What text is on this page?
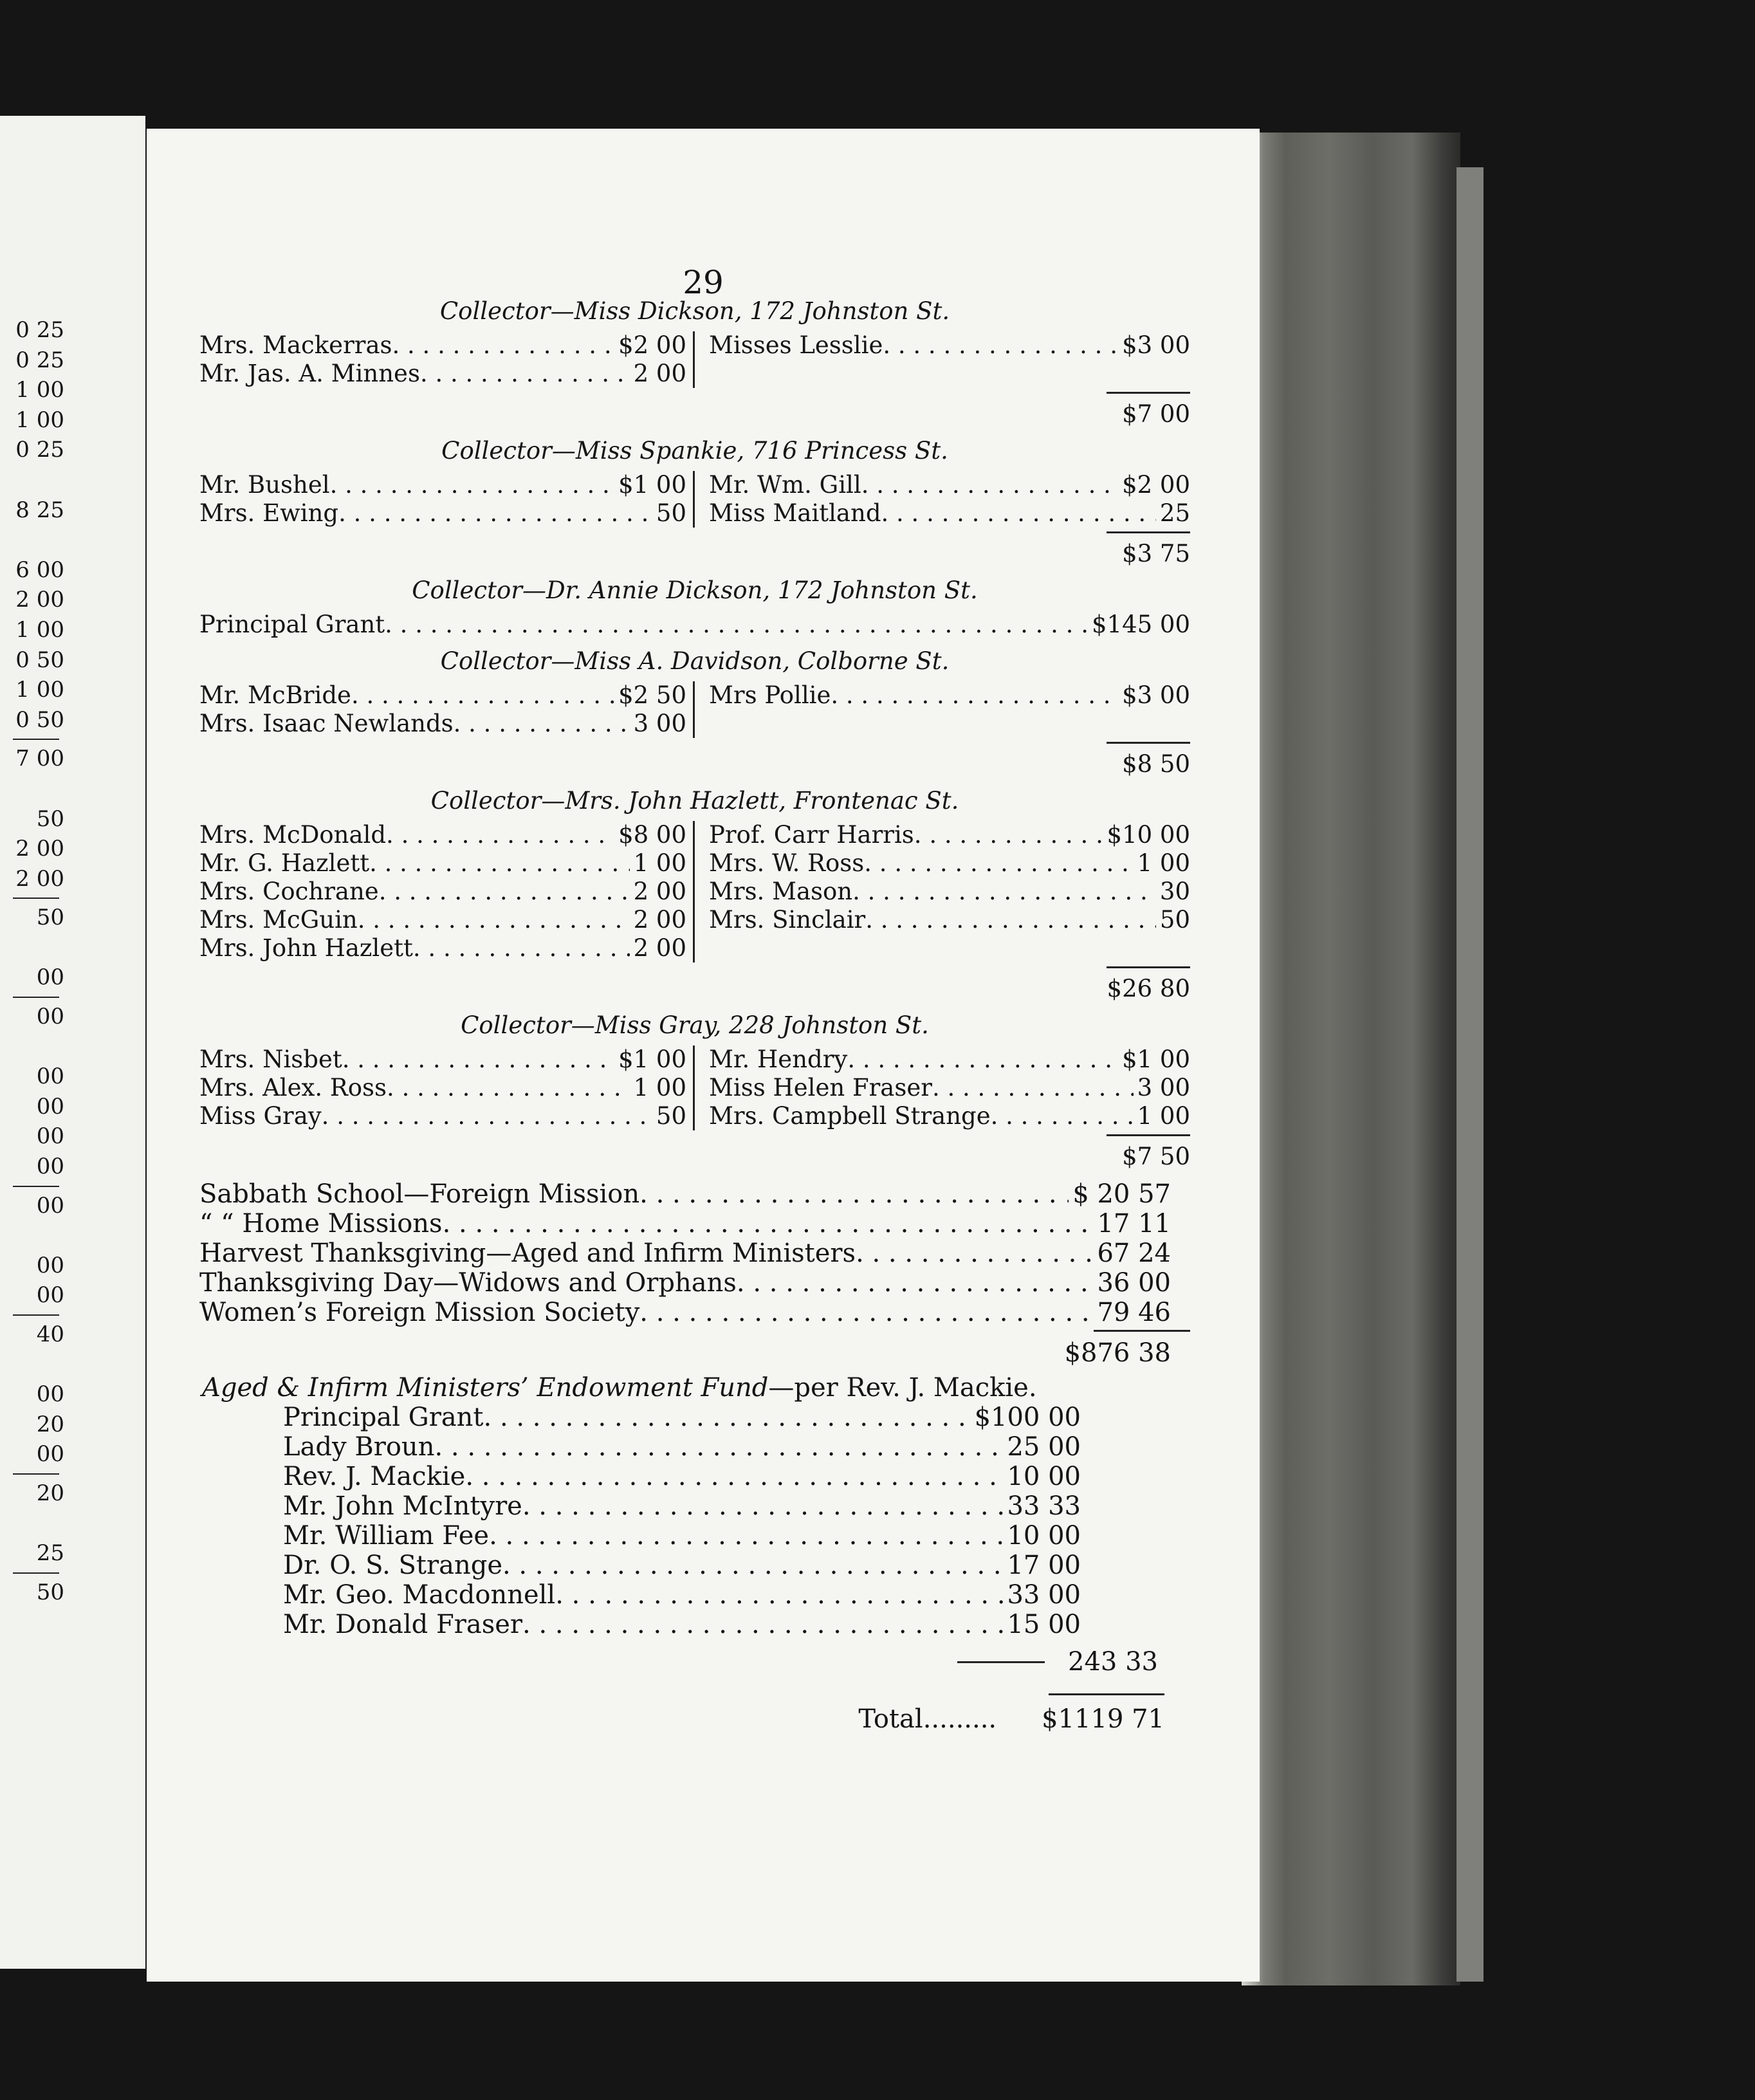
0 25
0 25
1 00
1 00
0 25
8 25
6 00
2 00
1 00
0 50
1 00
0 50
7 00
50
2 00
2 00
50
00
00
00
00
00
00
00
00
00
40
00
20
00
20
25
50
29
Collector—Miss Dickson, 172 Johnston St.
Mrs. Mackerras . . .	$2 00
Mr. Jas. A. Minnes . . .	2 00
Misses Lesslie . . .	$3 00
$7 00
Collector—Miss Spankie, 716 Princess St.
Mr. Bushel . . .	$1 00
Mrs. Ewing . . .	50
Mr. Wm. Gill . . .	$2 00
Miss Maitland . . .	25
$3 75
Collector—Dr. Annie Dickson, 172 Johnston St.
Principal Grant . . .	$145 00
Collector—Miss A. Davidson, Colborne St.
Mr. McBride . . .	$2 50
Mrs. Isaac Newlands . . .	3 00
Mrs Pollie . . .	$3 00
$8 50
Collector—Mrs. John Hazlett, Frontenac St.
Mrs. McDonald . . .	$8 00
Mr. G. Hazlett . . .	1 00
Mrs. Cochrane . . .	2 00
Mrs. McGuin . . .	2 00
Mrs. John Hazlett . . .	2 00
Prof. Carr Harris . . .	$10 00
Mrs. W. Ross . . .	1 00
Mrs. Mason . . .	30
Mrs. Sinclair . . .	50
$26 80
Collector—Miss Gray, 228 Johnston St.
Mrs. Nisbet . . .	$1 00
Mrs. Alex. Ross . . .	1 00
Miss Gray . . .	50
Mr. Hendry . . .	$1 00
Miss Helen Fraser . . .	3 00
Mrs. Campbell Strange . . .	1 00
$7 50
Sabbath School—Foreign Mission . . .	$ 20 57
“ “ Home Missions . . .	17 11
Harvest Thanksgiving—Aged and Infirm Ministers . . .	67 24
Thanksgiving Day—Widows and Orphans . . .	36 00
Women’s Foreign Mission Society . . .	79 46
$876 38
Aged & Infirm Ministers’ Endowment Fund—per Rev. J. Mackie.
Principal Grant . . .	$100 00
Lady Broun . . .	25 00
Rev. J. Mackie . . .	10 00
Mr. John McIntyre . . .	33 33
Mr. William Fee . . .	10 00
Dr. O. S. Strange . . .	17 00
Mr. Geo. Macdonnell . . .	33 00
Mr. Donald Fraser . . .	15 00
243 33
Total ......... $1119 71
